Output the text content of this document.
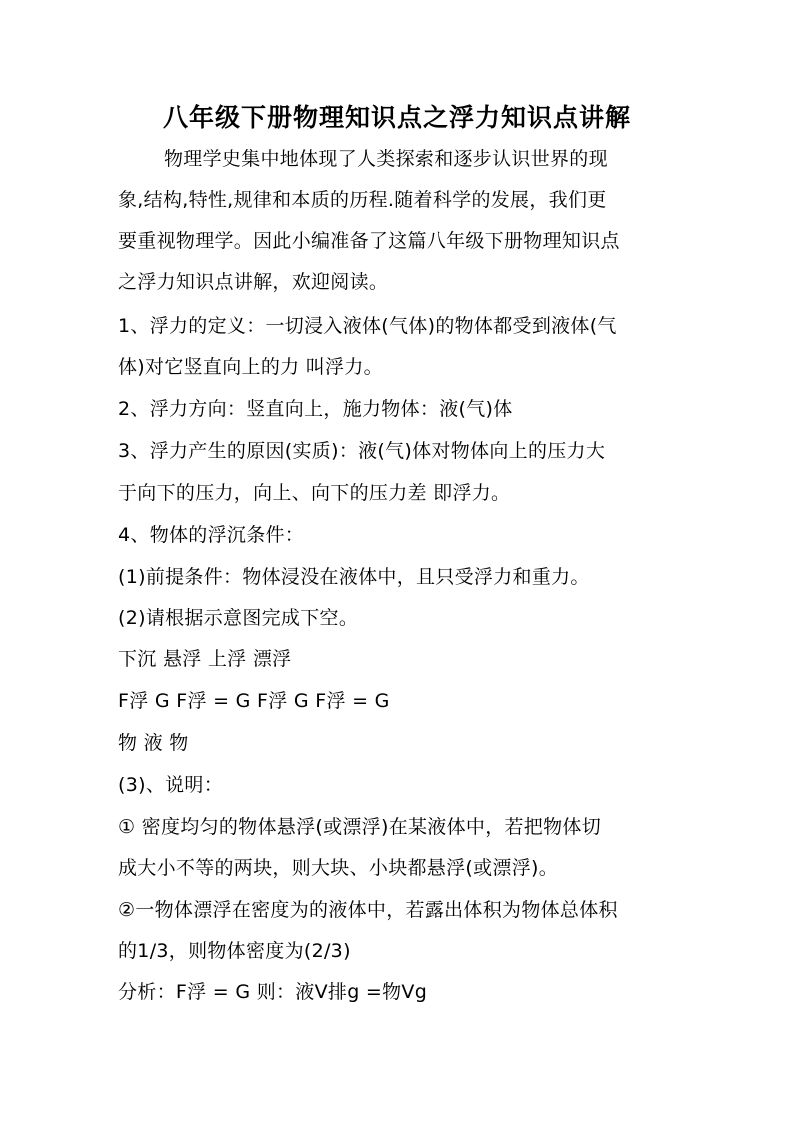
八年级下册物理知识点之浮力知识点讲解
物理学史集中地体现了人类探索和逐步认识世界的现
象,结构,特性,规律和本质的历程.随着科学的发展，我们更
要重视物理学。因此小编准备了这篇八年级下册物理知识点
之浮力知识点讲解，欢迎阅读。
1、浮力的定义：一切浸入液体(气体)的物体都受到液体(气
体)对它竖直向上的力 叫浮力。
2、浮力方向：竖直向上，施力物体：液(气)体
3、浮力产生的原因(实质)：液(气)体对物体向上的压力大
于向下的压力，向上、向下的压力差 即浮力。
4、物体的浮沉条件：
(1)前提条件：物体浸没在液体中，且只受浮力和重力。
(2)请根据示意图完成下空。
下沉 悬浮 上浮 漂浮
F浮 G F浮 = G F浮 G F浮 = G
物 液 物
(3)、说明：
① 密度均匀的物体悬浮(或漂浮)在某液体中，若把物体切
成大小不等的两块，则大块、小块都悬浮(或漂浮)。
②一物体漂浮在密度为的液体中，若露出体积为物体总体积
的1/3，则物体密度为(2/3)
分析：F浮 = G 则：液V排g =物Vg
